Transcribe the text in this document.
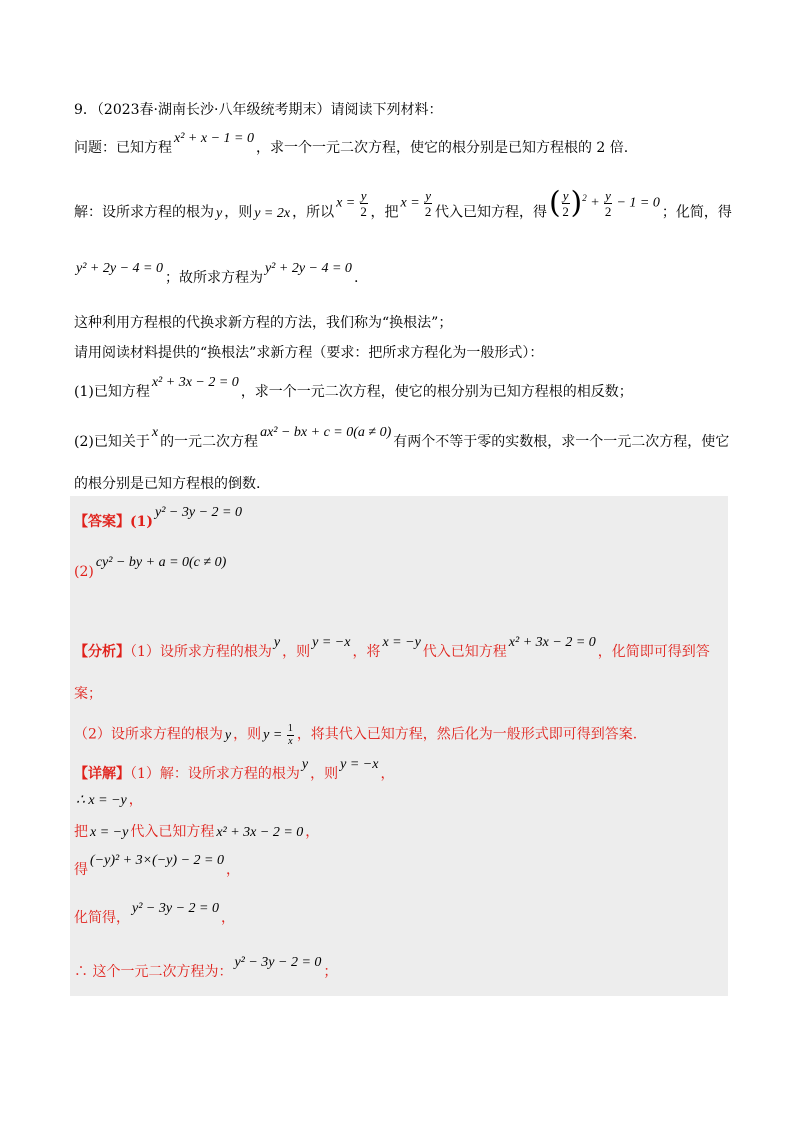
9．（2023春·湖南长沙·八年级统考期末）请阅读下列材料：
问题：已知方程x² + x − 1 = 0，求一个一元二次方程，使它的根分别是已知方程根的 2 倍.
解：设所求方程的根为 y ，则 y = 2x ，所以$x = \frac{y}{2}$ ，把$x = \frac{y}{2}$ 代入已知方程，得( $\frac{y}{2} )^2 + \frac{y}{2} - 1 = 0$；化简，得
y² + 2y − 4 = 0；故所求方程为y² + 2y − 4 = 0.
这种利用方程根的代换求新方程的方法，我们称为“换根法”；
请用阅读材料提供的“换根法”求新方程（要求：把所求方程化为一般形式）：
(1)已知方程x² + 3x − 2 = 0，求一个一元二次方程，使它的根分别为已知方程根的相反数；
(2)已知关于x的一元二次方程ax² − bx + c = 0(a ≠ 0)有两个不等于零的实数根，求一个一元二次方程，使它
的根分别是已知方程根的倒数.
【答案】(1)y² − 3y − 2 = 0
(2)cy² − by + a = 0(c ≠ 0)
【分析】（1）设所求方程的根为y，则y = −x，将x = −y代入已知方程x² + 3x − 2 = 0，化简即可得到答
案；
（2）设所求方程的根为 y ，则 $y = \frac{1}{x}$ ，将其代入已知方程，然后化为一般形式即可得到答案.
【详解】（1）解：设所求方程的根为y，则y = −x，
∴ x = −y ，
把 x = −y 代入已知方程 x² + 3x − 2 = 0 ，
得(−y)² + 3×(−y) − 2 = 0，
化简得，y² − 3y − 2 = 0，
∴ 这个一元二次方程为：y² − 3y − 2 = 0；
